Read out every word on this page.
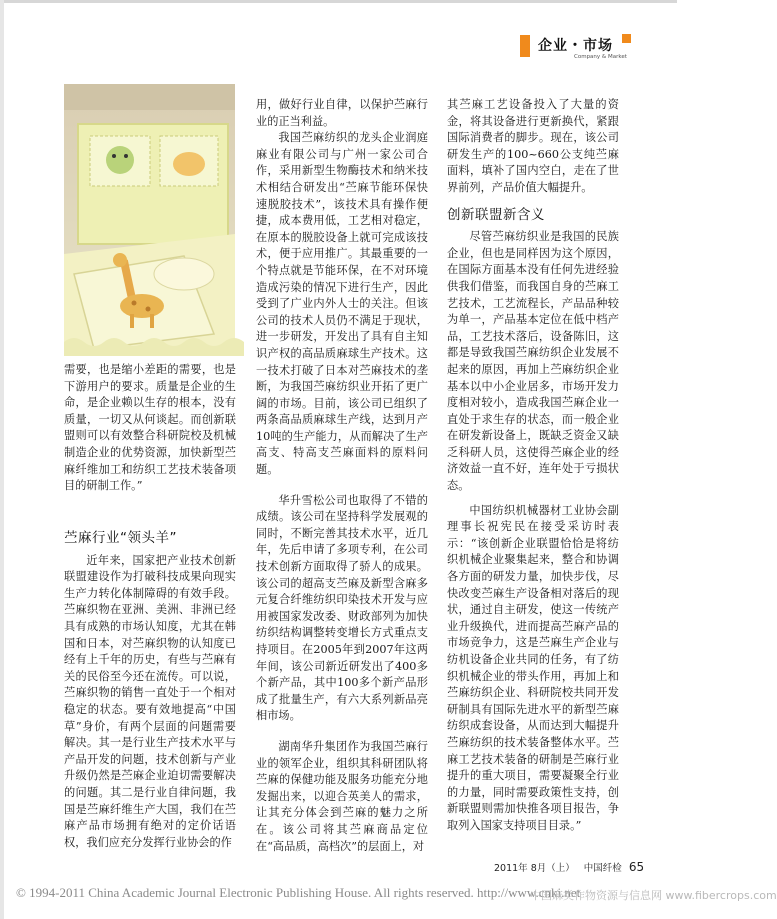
企业・市场
Company & Market

需要，也是缩小差距的需要，也是下游用户的要求。质量是企业的生命，是企业赖以生存的根本，没有质量，一切又从何谈起。而创新联盟则可以有效整合科研院校及机械制造企业的优势资源，加快新型苎麻纤维加工和纺织工艺技术装备项目的研制工作。”

苎麻行业“领头羊”

近年来，国家把产业技术创新联盟建设作为打破科技成果向现实生产力转化体制障碍的有效手段。苎麻织物在亚洲、美洲、非洲已经具有成熟的市场认知度，尤其在韩国和日本，对苎麻织物的认知度已经有上千年的历史，有些与苎麻有关的民俗至今还在流传。可以说，苎麻织物的销售一直处于一个相对稳定的状态。要有效地提高“中国草”身价，有两个层面的问题需要解决。其一是行业生产技术水平与产品开发的问题，技术创新与产业升级仍然是苎麻企业迫切需要解决的问题。其二是行业自律问题，我国是苎麻纤维生产大国，我们在苎麻产品市场拥有绝对的定价话语权，我们应充分发挥行业协会的作

用，做好行业自律，以保护苎麻行业的正当利益。

我国苎麻纺织的龙头企业润庭麻业有限公司与广州一家公司合作，采用新型生物酶技术和纳米技术相结合研发出“苎麻节能环保快速脱胶技术”，该技术具有操作便捷，成本费用低，工艺相对稳定，在原本的脱胶设备上就可完成该技术，便于应用推广。其最重要的一个特点就是节能环保，在不对环境造成污染的情况下进行生产，因此受到了广业内外人士的关注。但该公司的技术人员仍不满足于现状，进一步研发，开发出了具有自主知识产权的高品质麻球生产技术。这一技术打破了日本对苎麻技术的垄断，为我国苎麻纺织业开拓了更广阔的市场。目前，该公司已组织了两条高品质麻球生产线，达到月产10吨的生产能力，从而解决了生产高支、特高支苎麻面料的原料问题。

华升雪松公司也取得了不错的成绩。该公司在坚持科学发展观的同时，不断完善其技术水平，近几年，先后申请了多项专利，在公司技术创新方面取得了骄人的成果。该公司的超高支苎麻及新型含麻多元复合纤维纺织印染技术开发与应用被国家发改委、财政部列为加快纺织结构调整转变增长方式重点支持项目。在2005年到2007年这两年间，该公司新近研发出了400多个新产品，其中100多个新产品形成了批量生产，有六大系列新品亮相市场。

湖南华升集团作为我国苎麻行业的领军企业，组织其科研团队将苎麻的保健功能及服务功能充分地发掘出来，以迎合英美人的需求，让其充分体会到苎麻的魅力之所在。该公司将其苎麻商品定位在“高品质，高档次”的层面上，对

其苎麻工艺设备投入了大量的资金，将其设备进行更新换代，紧跟国际消费者的脚步。现在，该公司研发生产的100~660公支纯苎麻面料，填补了国内空白，走在了世界前列，产品价值大幅提升。

创新联盟新含义

尽管苎麻纺织业是我国的民族企业，但也是同样因为这个原因，在国际方面基本没有任何先进经验供我们借鉴，而我国自身的苎麻工艺技术，工艺流程长，产品品种较为单一，产品基本定位在低中档产品，工艺技术落后，设备陈旧，这都是导致我国苎麻纺织企业发展不起来的原因，再加上苎麻纺织企业基本以中小企业居多，市场开发力度相对较小，造成我国苎麻企业一直处于求生存的状态，而一般企业在研发新设备上，既缺乏资金又缺乏科研人员，这使得苎麻企业的经济效益一直不好，连年处于亏损状态。

中国纺织机械器材工业协会副理事长祝宪民在接受采访时表示：“该创新企业联盟恰恰是将纺织机械企业聚集起来，整合和协调各方面的研发力量，加快步伐，尽快改变苎麻生产设备相对落后的现状，通过自主研发，使这一传统产业升级换代，进而提高苎麻产品的市场竞争力，这是苎麻生产企业与纺机设备企业共同的任务，有了纺织机械企业的带头作用，再加上和苎麻纺织企业、科研院校共同开发研制具有国际先进水平的新型苎麻纺织成套设备，从而达到大幅提升苎麻纺织的技术装备整体水平。苎麻工艺技术装备的研制是苎麻行业提升的重大项目，需要凝聚全行业的力量，同时需要政策性支持，创新联盟则需加快推各项目报告，争取列入国家支持项目目录。”

2011年 8月（上） 中国纤检 65
© 1994-2011 China Academic Journal Electronic Publishing House. All rights reserved. http://www.cnki.net
中国麻类作物资源与信息网 www.fibercrops.com
